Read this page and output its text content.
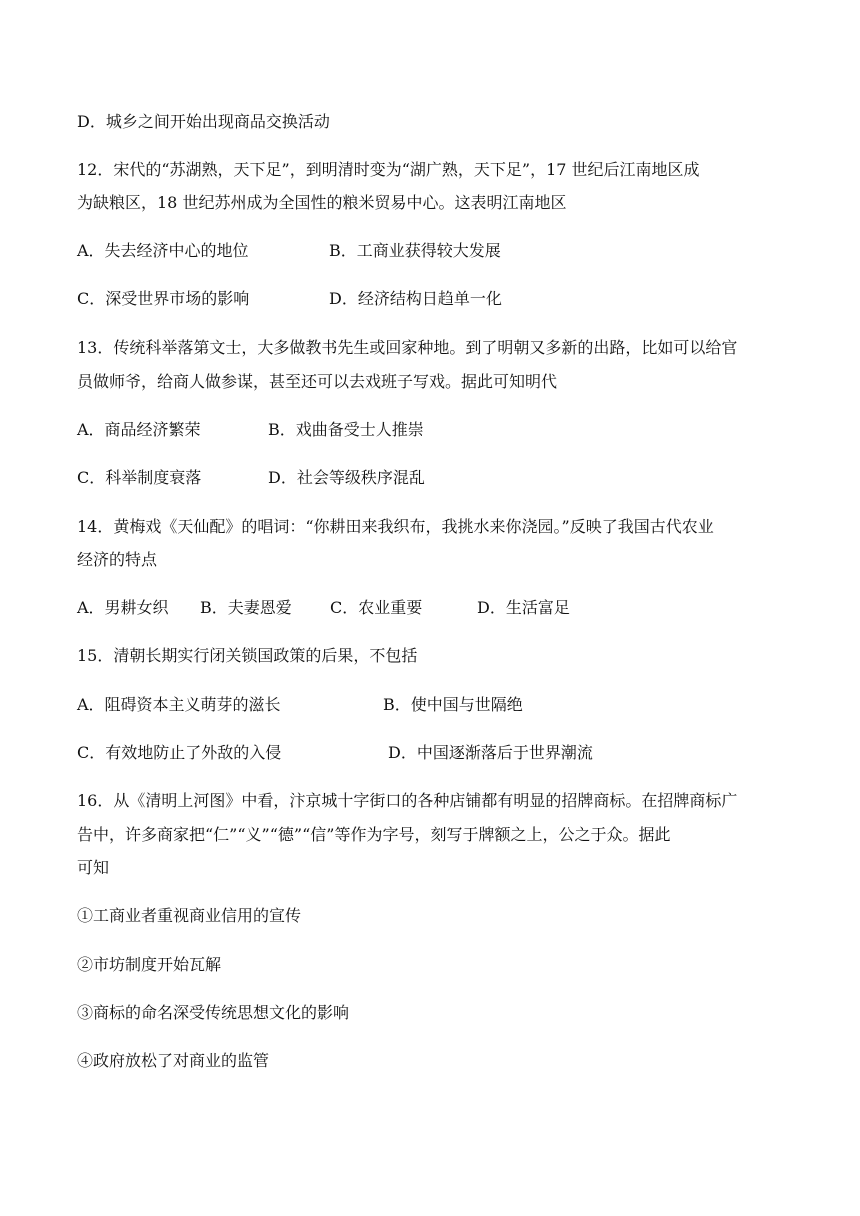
D．城乡之间开始出现商品交换活动
12．宋代的“苏湖熟，天下足”，到明清时变为“湖广熟，天下足”，17 世纪后江南地区成
为缺粮区，18 世纪苏州成为全国性的粮米贸易中心。这表明江南地区
A．失去经济中心的地位	B．工商业获得较大发展
C．深受世界市场的影响	D．经济结构日趋单一化
13．传统科举落第文士，大多做教书先生或回家种地。到了明朝又多新的出路，比如可以给官
员做师爷，给商人做参谋，甚至还可以去戏班子写戏。据此可知明代
A．商品经济繁荣	B．戏曲备受士人推崇
C．科举制度衰落	D．社会等级秩序混乱
14．黄梅戏《天仙配》的唱词：“你耕田来我织布，我挑水来你浇园。”反映了我国古代农业
经济的特点
A．男耕女织 B．夫妻恩爱 C．农业重要	D．生活富足
15．清朝长期实行闭关锁国政策的后果，不包括
A．阻碍资本主义萌芽的滋长	B．使中国与世隔绝
C．有效地防止了外敌的入侵	D．中国逐渐落后于世界潮流
16．从《清明上河图》中看，汴京城十字街口的各种店铺都有明显的招牌商标。在招牌商标广
告中，许多商家把“仁”“义”“德”“信”等作为字号，刻写于牌额之上，公之于众。据此
可知
①工商业者重视商业信用的宣传
②市坊制度开始瓦解
③商标的命名深受传统思想文化的影响
④政府放松了对商业的监管
